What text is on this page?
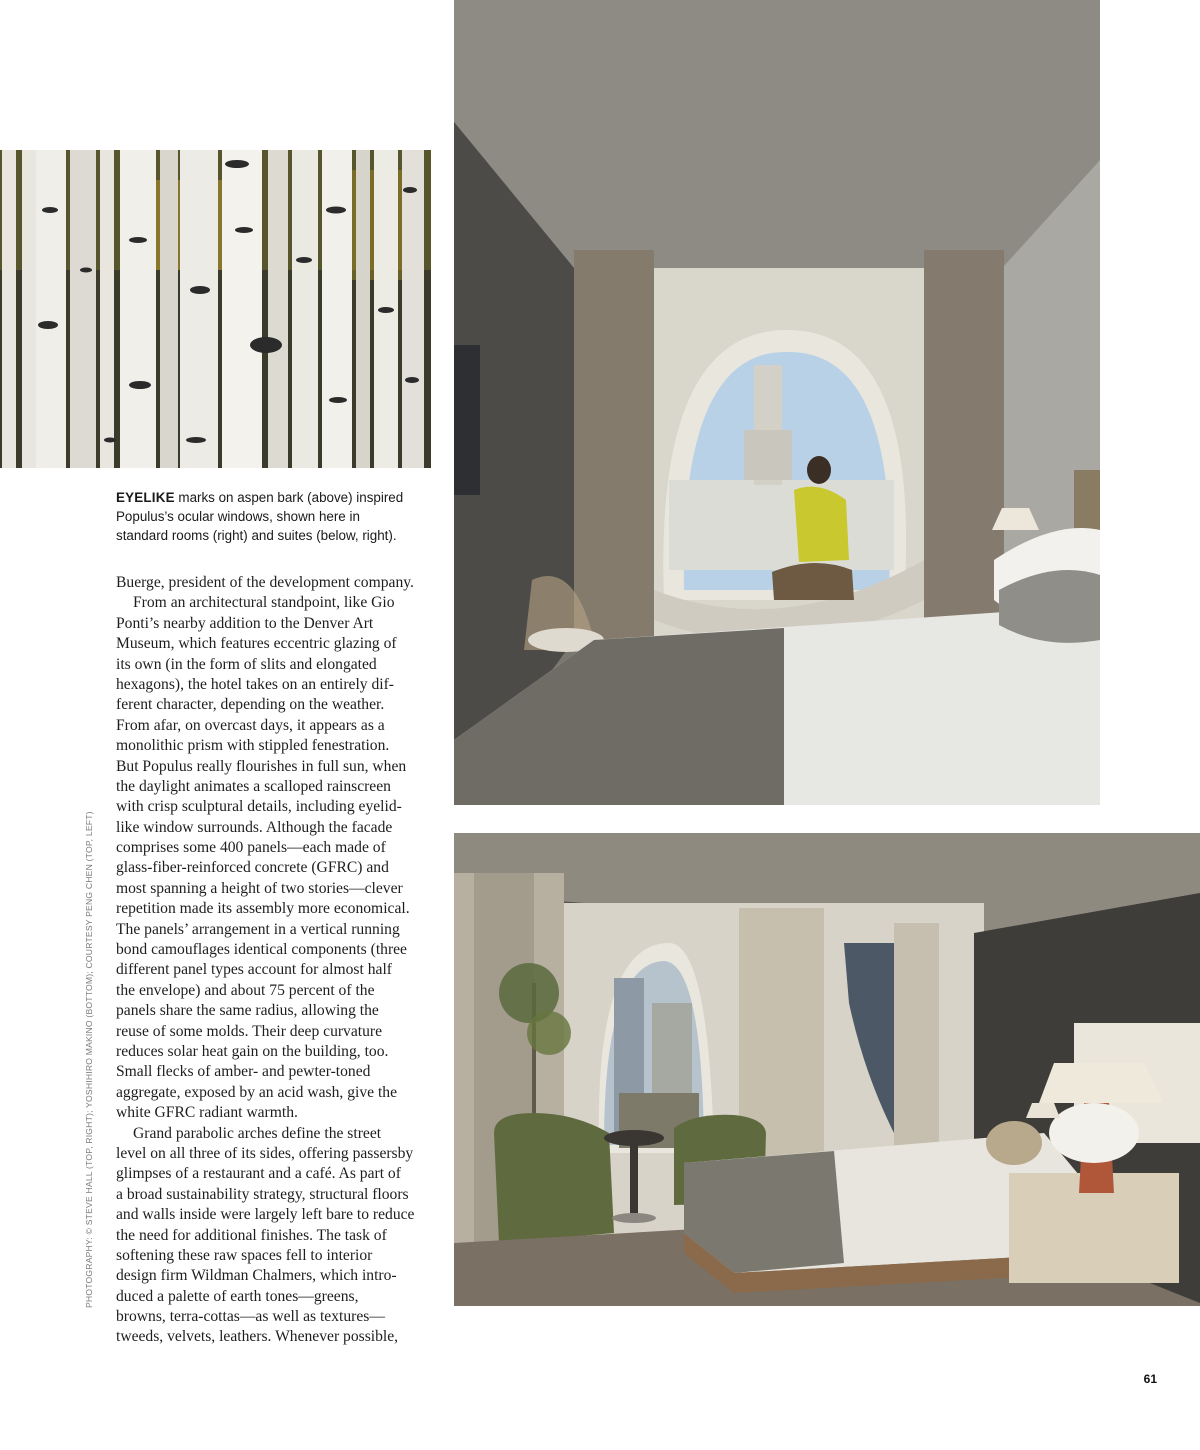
EYELIKE marks on aspen bark (above) inspired
Populus’s ocular windows, shown here in
standard rooms (right) and suites (below, right).
Buerge, president of the development company.
From an architectural standpoint, like Gio
Ponti’s nearby addition to the Denver Art
Museum, which features eccentric glazing of
its own (in the form of slits and elongated
hexagons), the hotel takes on an entirely dif-
ferent character, depending on the weather.
From afar, on overcast days, it appears as a
monolithic prism with stippled fenestration.
But Populus really flourishes in full sun, when
the daylight animates a scalloped rainscreen
with crisp sculptural details, including eyelid-
like window surrounds. Although the facade
comprises some 400 panels—each made of
glass-fiber-reinforced concrete (GFRC) and
most spanning a height of two stories—clever
repetition made its assembly more economical.
The panels’ arrangement in a vertical running
bond camouflages identical components (three
different panel types account for almost half
the envelope) and about 75 percent of the
panels share the same radius, allowing the
reuse of some molds. Their deep curvature
reduces solar heat gain on the building, too.
Small flecks of amber- and pewter-toned
aggregate, exposed by an acid wash, give the
white GFRC radiant warmth.
Grand parabolic arches define the street
level on all three of its sides, offering passersby
glimpses of a restaurant and a café. As part of
a broad sustainability strategy, structural floors
and walls inside were largely left bare to reduce
the need for additional finishes. The task of
softening these raw spaces fell to interior
design firm Wildman Chalmers, which intro-
duced a palette of earth tones—greens,
browns, terra-cottas—as well as textures—
tweeds, velvets, leathers. Whenever possible,
PHOTOGRAPHY: © STEVE HALL (TOP, RIGHT); YOSHIHIRO MAKINO (BOTTOM); COURTESY PENG CHEN (TOP, LEFT)
61
